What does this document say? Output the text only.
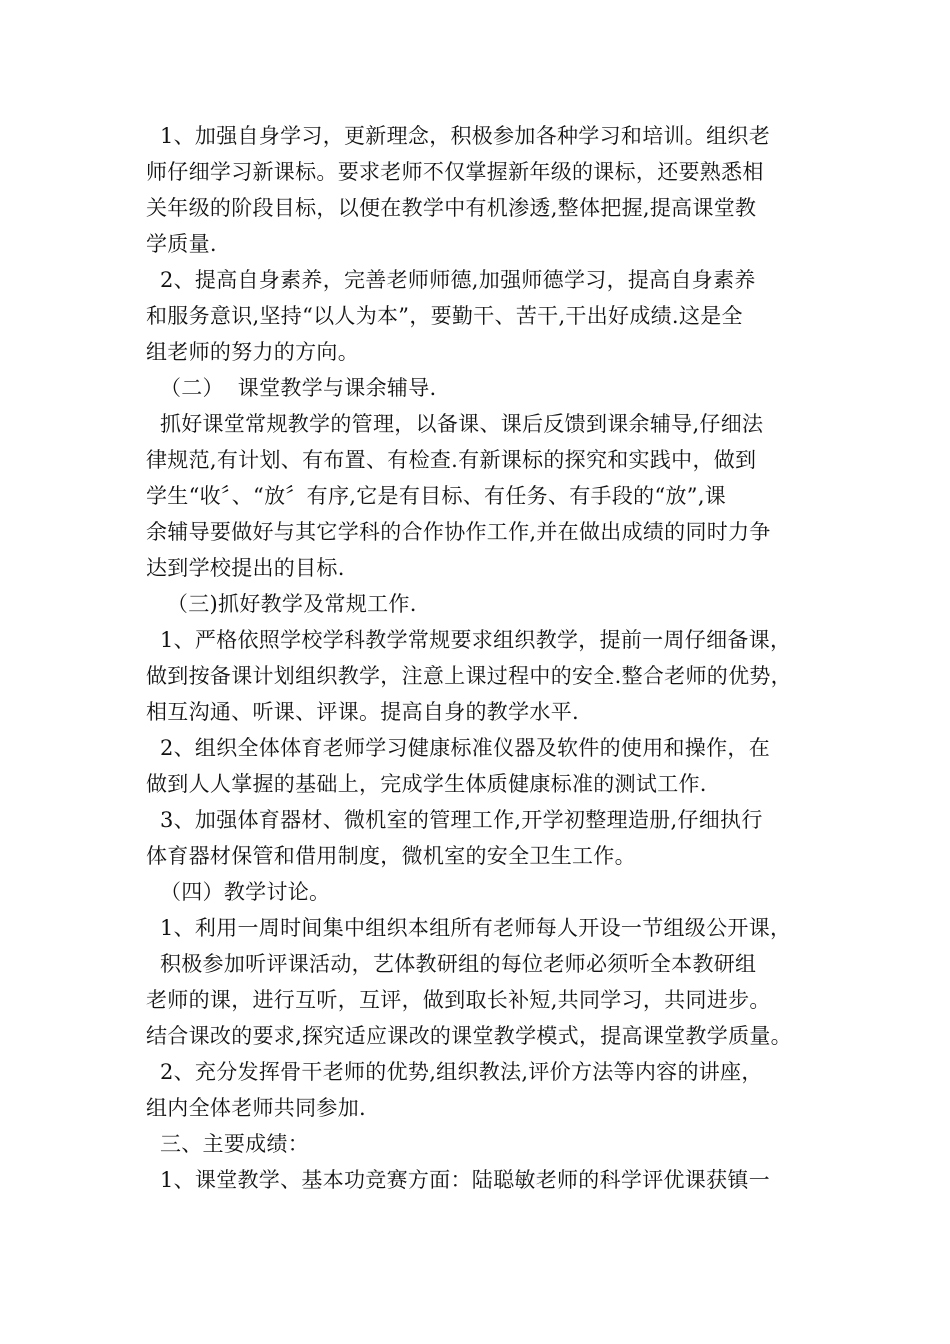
1、加强自身学习，更新理念，积极参加各种学习和培训。组织老
师仔细学习新课标。要求老师不仅掌握新年级的课标，还要熟悉相
关年级的阶段目标，以便在教学中有机渗透,整体把握,提高课堂教
学质量.
2、提高自身素养，完善老师师德,加强师德学习，提高自身素养
和服务意识,坚持“以人为本”，要勤干、苦干,干出好成绩.这是全
组老师的努力的方向。
（二）  课堂教学与课余辅导.
抓好课堂常规教学的管理，以备课、课后反馈到课余辅导,仔细法
律规范,有计划、有布置、有检查.有新课标的探究和实践中，做到
学生“收〞、“放〞有序,它是有目标、有任务、有手段的“放”,课
余辅导要做好与其它学科的合作协作工作,并在做出成绩的同时力争
达到学校提出的目标.
（三)抓好教学及常规工作.
1、严格依照学校学科教学常规要求组织教学，提前一周仔细备课，
做到按备课计划组织教学，注意上课过程中的安全.整合老师的优势，
相互沟通、听课、评课。提高自身的教学水平.
2、组织全体体育老师学习健康标准仪器及软件的使用和操作，在
做到人人掌握的基础上，完成学生体质健康标准的测试工作.
3、加强体育器材、微机室的管理工作,开学初整理造册,仔细执行
体育器材保管和借用制度，微机室的安全卫生工作。
（四）教学讨论。
1、利用一周时间集中组织本组所有老师每人开设一节组级公开课，
积极参加听评课活动，艺体教研组的每位老师必须听全本教研组
老师的课，进行互听，互评，做到取长补短,共同学习，共同进步。
结合课改的要求,探究适应课改的课堂教学模式，提高课堂教学质量。
2、充分发挥骨干老师的优势,组织教法,评价方法等内容的讲座，
组内全体老师共同参加.
三、主要成绩：
1、课堂教学、基本功竞赛方面：陆聪敏老师的科学评优课获镇一
